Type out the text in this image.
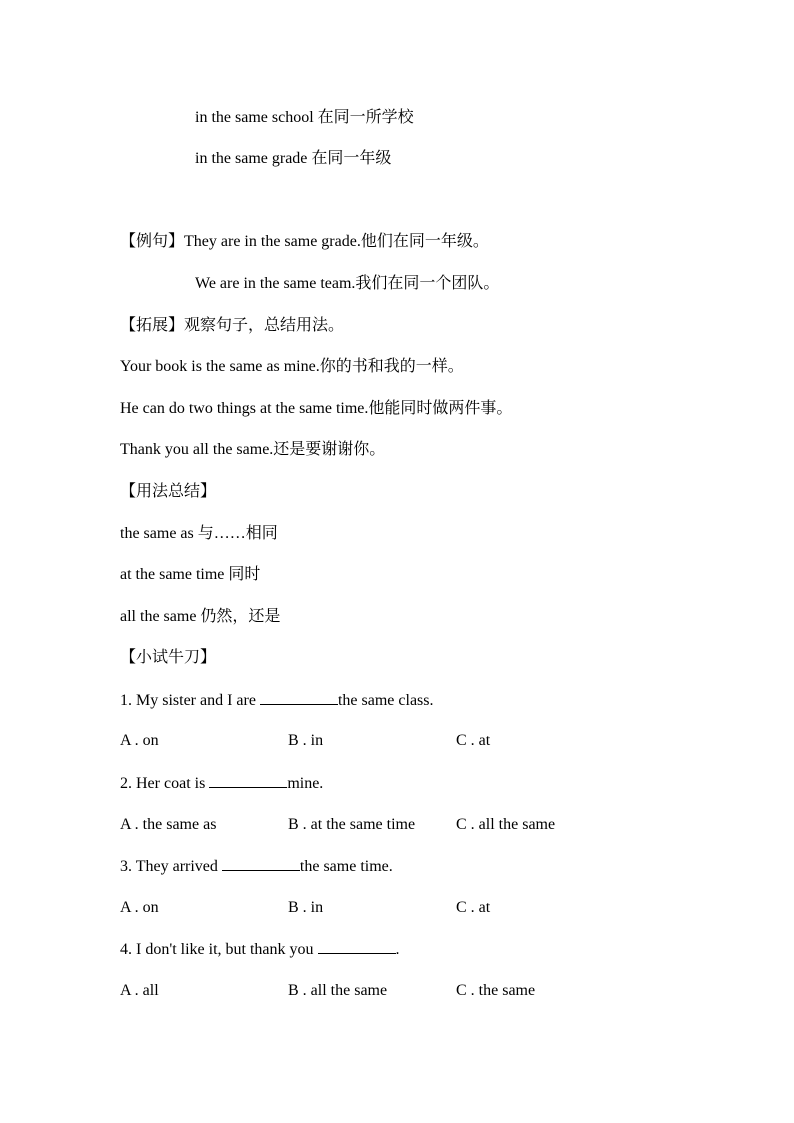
in the same school 在同一所学校
in the same grade 在同一年级
【例句】They are in the same grade.他们在同一年级。
We are in the same team.我们在同一个团队。
【拓展】观察句子，总结用法。
Your book is the same as mine.你的书和我的一样。
He can do two things at the same time.他能同时做两件事。
Thank you all the same.还是要谢谢你。
【用法总结】
the same as 与……相同
at the same time 同时
all the same 仍然，还是
【小试牛刀】
1. My sister and I are	the same class.
A . on	B . in	C . at
2. Her coat is	mine.
A . the same as	B . at the same time	C . all the same
3. They arrived	the same time.
A . on	B . in	C . at
4. I don't like it, but thank you	.
A . all	B . all the same	C . the same
